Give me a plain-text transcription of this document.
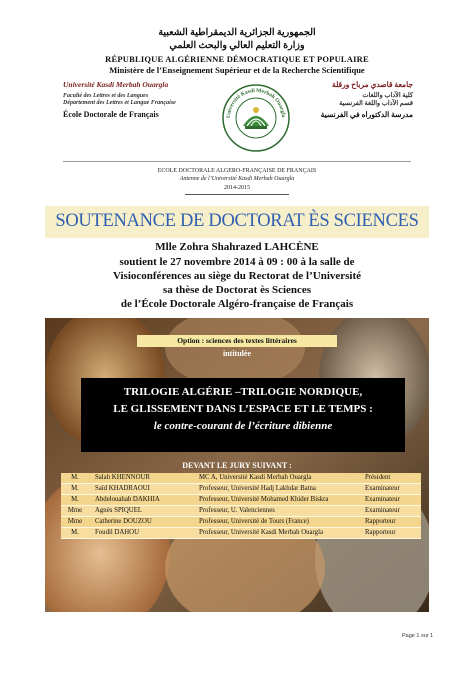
الجمهورية الجزائرية الديمقراطية الشعبية
وزارة التعليم العالي والبحث العلمي
RÉPUBLIQUE ALGÉRIENNE DÉMOCRATIQUE ET POPULAIRE
Ministère de l’Enseignement Supérieur et de la Recherche Scientifique
Université Kasdi Merbah Ouargla
Faculté des Lettres et des Langues
Département des Lettres et Langue Française
École Doctorale de Français	Université Kasdi Merbah Ouargla
جامعة قاصدي مرباح ورقلة
كلية الآداب واللغات
قسم الآداب واللغة الفرنسية
مدرسة الدكتوراه في الفرنسية
ECOLE DOCTORALE ALGERO-FRANÇAISE DE FRANÇAIS
Antenne de l’Université Kasdi Merbah Ouargla
2014-2015
SOUTENANCE DE DOCTORAT ÈS SCIENCES
Mlle Zohra Shahrazed LAHCÈNE
soutient le 27 novembre 2014 à 09 : 00 à la salle de
Visioconférences au siège du Rectorat de l’Université
sa thèse de Doctorat ès Sciences
de l’École Doctorale Algéro-française de Français
Option : sciences des textes littéraires
intitulée
TRILOGIE ALGÉRIE –TRILOGIE NORDIQUE,
LE GLISSEMENT DANS L’ESPACE ET LE TEMPS :
le contre-courant de l’écriture dibienne
DEVANT LE JURY SUIVANT :
M.	Salah KHENNOUR	MC A, Université Kasdi Merbah Ouargla	Président
M.	Saïd KHADRAOUI	Professeur, Université Hadj Lakhdar Batna	Examinateur
M.	Abdelouahab DAKHIA	Professeur, Université Mohamed Khider Biskra	Examinateur
Mme	Agnès SPIQUEL	Professeur, U. Valenciennes	Examinateur
Mme	Catherine DOUZOU	Professeur, Université de Tours (France)	Rapporteur
M.	Foudil DAHOU	Professeur, Université Kasdi Merbah Ouargla	Rapporteur
Page 1 sur 1
